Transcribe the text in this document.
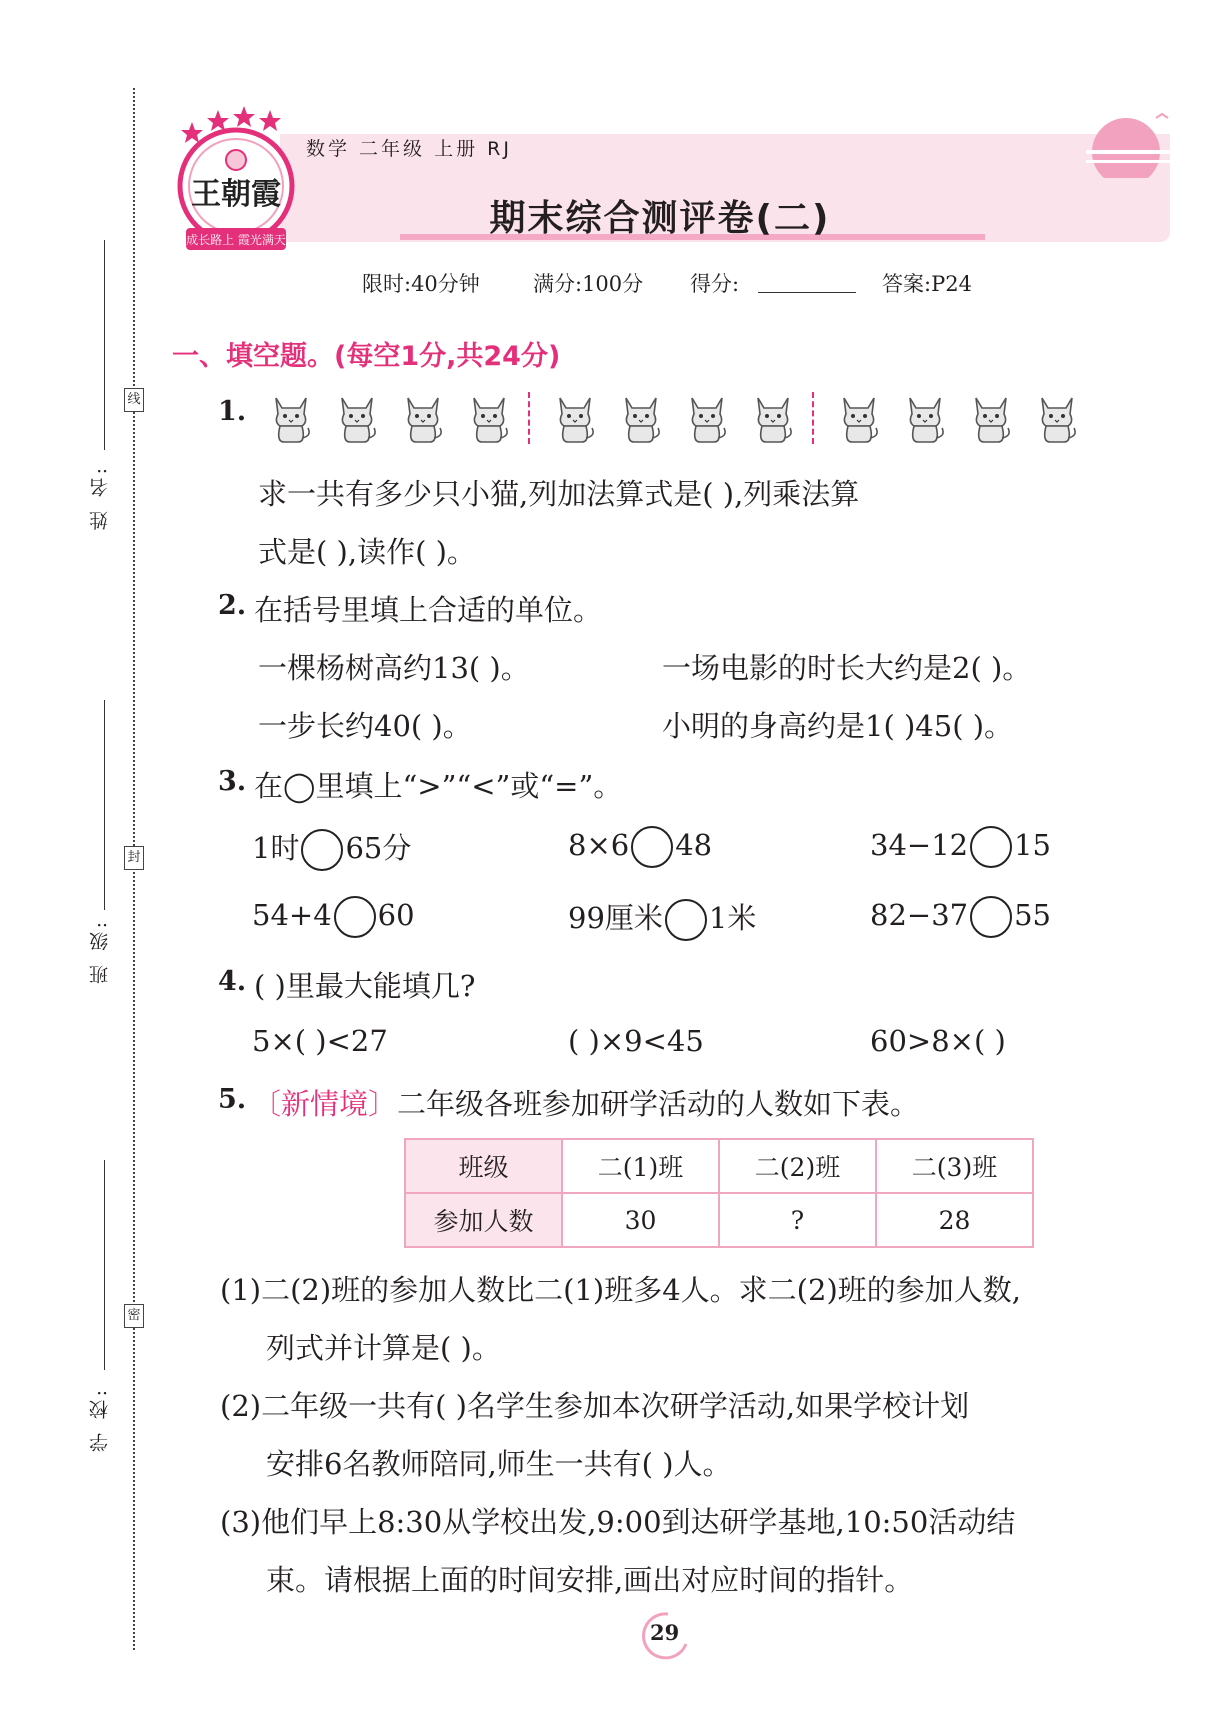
线
封
密
姓 名:
班 级:
学 校:
王朝霞
成长路上 霞光满天
数学 二年级 上册 RJ
期末综合测评卷(二)
限时:40分钟	满分:100分 得分:	答案:P24
一、填空题。(每空1分,共24分)
1.
求一共有多少只小猫,列加法算式是( ),列乘法算
式是( ),读作( )。
2. 在括号里填上合适的单位。
一棵杨树高约13( )。	一场电影的时长大约是2( )。
一步长约40( )。	小明的身高约是1( )45( )。
3. 在◯里填上“>”“<”或“=”。
1时 65分	8×6 48	34−12 15
54+4 60	99厘米 1米	82−37 55
4. ( )里最大能填几?
5×( )<27	( )×9<45	60>8×( )
5. 〔新情境〕二年级各班参加研学活动的人数如下表。
班级	二(1)班	二(2)班	二(3)班
参加人数	30	?	28
(1)二(2)班的参加人数比二(1)班多4人。求二(2)班的参加人数,
列式并计算是( )。
(2)二年级一共有( )名学生参加本次研学活动,如果学校计划
安排6名教师陪同,师生一共有( )人。
(3)他们早上8:30从学校出发,9:00到达研学基地,10:50活动结
束。请根据上面的时间安排,画出对应时间的指针。
29
